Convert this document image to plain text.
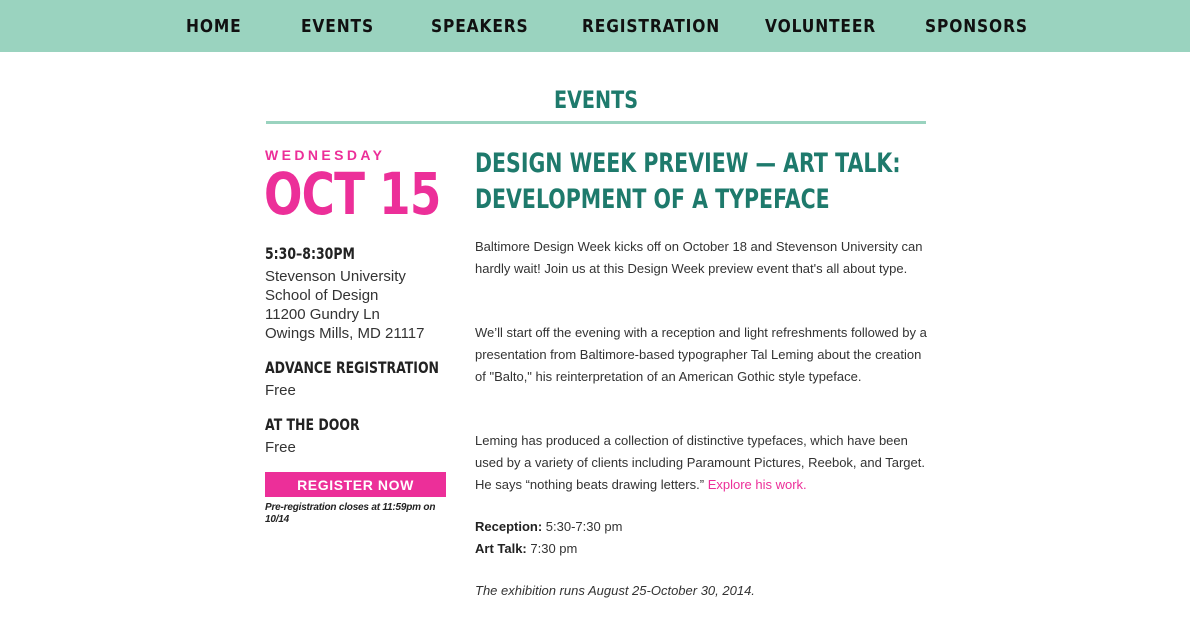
HOME	EVENTS	SPEAKERS	REGISTRATION VOLUNTEER	SPONSORS
EVENTS
WEDNESDAY
OCT 15
5:30–8:30PM
Stevenson University
School of Design
11200 Gundry Ln
Owings Mills, MD 21117
ADVANCE REGISTRATION
Free
AT THE DOOR
Free
REGISTER NOW
Pre-registration closes at 11:59pm on 10/14
DESIGN WEEK PREVIEW — ART TALK:
DEVELOPMENT OF A TYPEFACE

Baltimore Design Week kicks off on October 18 and Stevenson University can hardly wait! Join us at this Design Week preview event that's all about type.

We’ll start off the evening with a reception and light refreshments followed by a presentation from Baltimore-based typographer Tal Leming about the creation of "Balto," his reinterpretation of an American Gothic style typeface.

Leming has produced a collection of distinctive typefaces, which have been used by a variety of clients including Paramount Pictures, Reebok, and Target. He says “nothing beats drawing letters.” Explore his work.

Reception: 5:30-7:30 pm

Art Talk: 7:30 pm

The exhibition runs August 25-October 30, 2014.
